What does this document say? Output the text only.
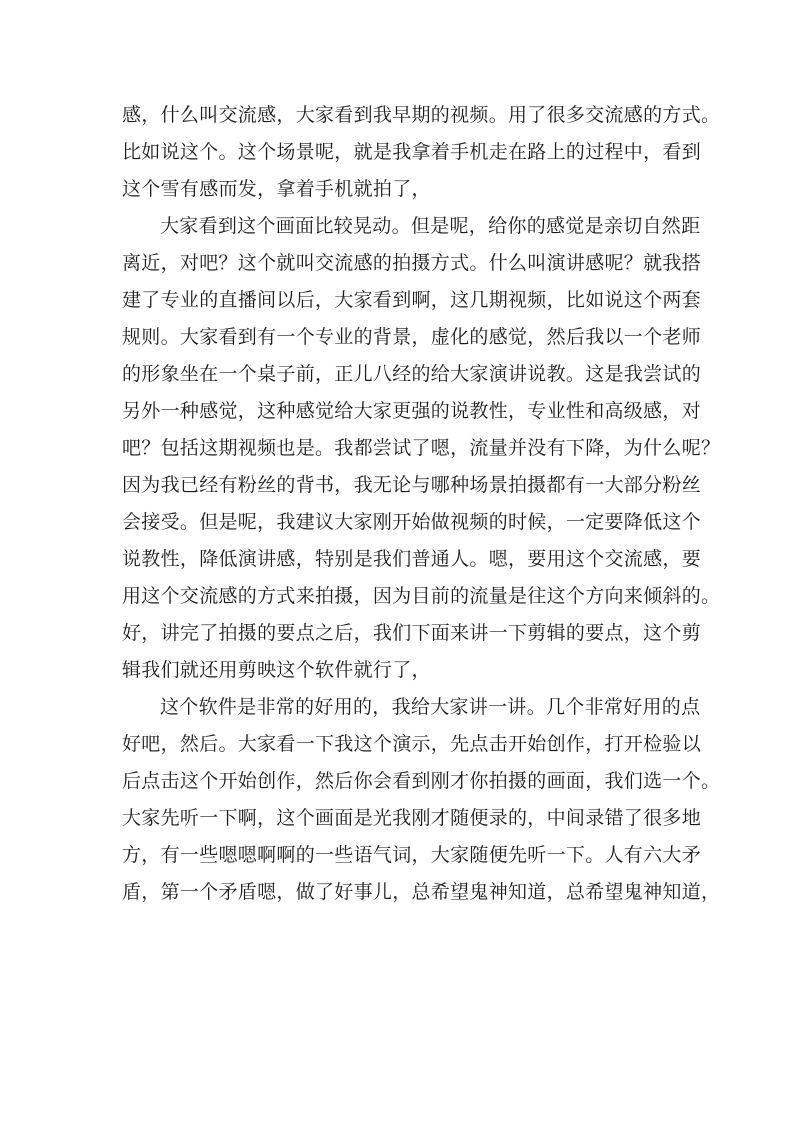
感，什么叫交流感，大家看到我早期的视频。用了很多交流感的方式。
比如说这个。这个场景呢，就是我拿着手机走在路上的过程中，看到
这个雪有感而发，拿着手机就拍了，
大家看到这个画面比较晃动。但是呢，给你的感觉是亲切自然距
离近，对吧？这个就叫交流感的拍摄方式。什么叫演讲感呢？就我搭
建了专业的直播间以后，大家看到啊，这几期视频，比如说这个两套
规则。大家看到有一个专业的背景，虚化的感觉，然后我以一个老师
的形象坐在一个桌子前，正儿八经的给大家演讲说教。这是我尝试的
另外一种感觉，这种感觉给大家更强的说教性，专业性和高级感，对
吧？包括这期视频也是。我都尝试了嗯，流量并没有下降，为什么呢？
因为我已经有粉丝的背书，我无论与哪种场景拍摄都有一大部分粉丝
会接受。但是呢，我建议大家刚开始做视频的时候，一定要降低这个
说教性，降低演讲感，特别是我们普通人。嗯，要用这个交流感，要
用这个交流感的方式来拍摄，因为目前的流量是往这个方向来倾斜的。
好，讲完了拍摄的要点之后，我们下面来讲一下剪辑的要点，这个剪
辑我们就还用剪映这个软件就行了，
这个软件是非常的好用的，我给大家讲一讲。几个非常好用的点
好吧，然后。大家看一下我这个演示，先点击开始创作，打开检验以
后点击这个开始创作，然后你会看到刚才你拍摄的画面，我们选一个。
大家先听一下啊，这个画面是光我刚才随便录的，中间录错了很多地
方，有一些嗯嗯啊啊的一些语气词，大家随便先听一下。人有六大矛
盾，第一个矛盾嗯，做了好事儿，总希望鬼神知道，总希望鬼神知道，
